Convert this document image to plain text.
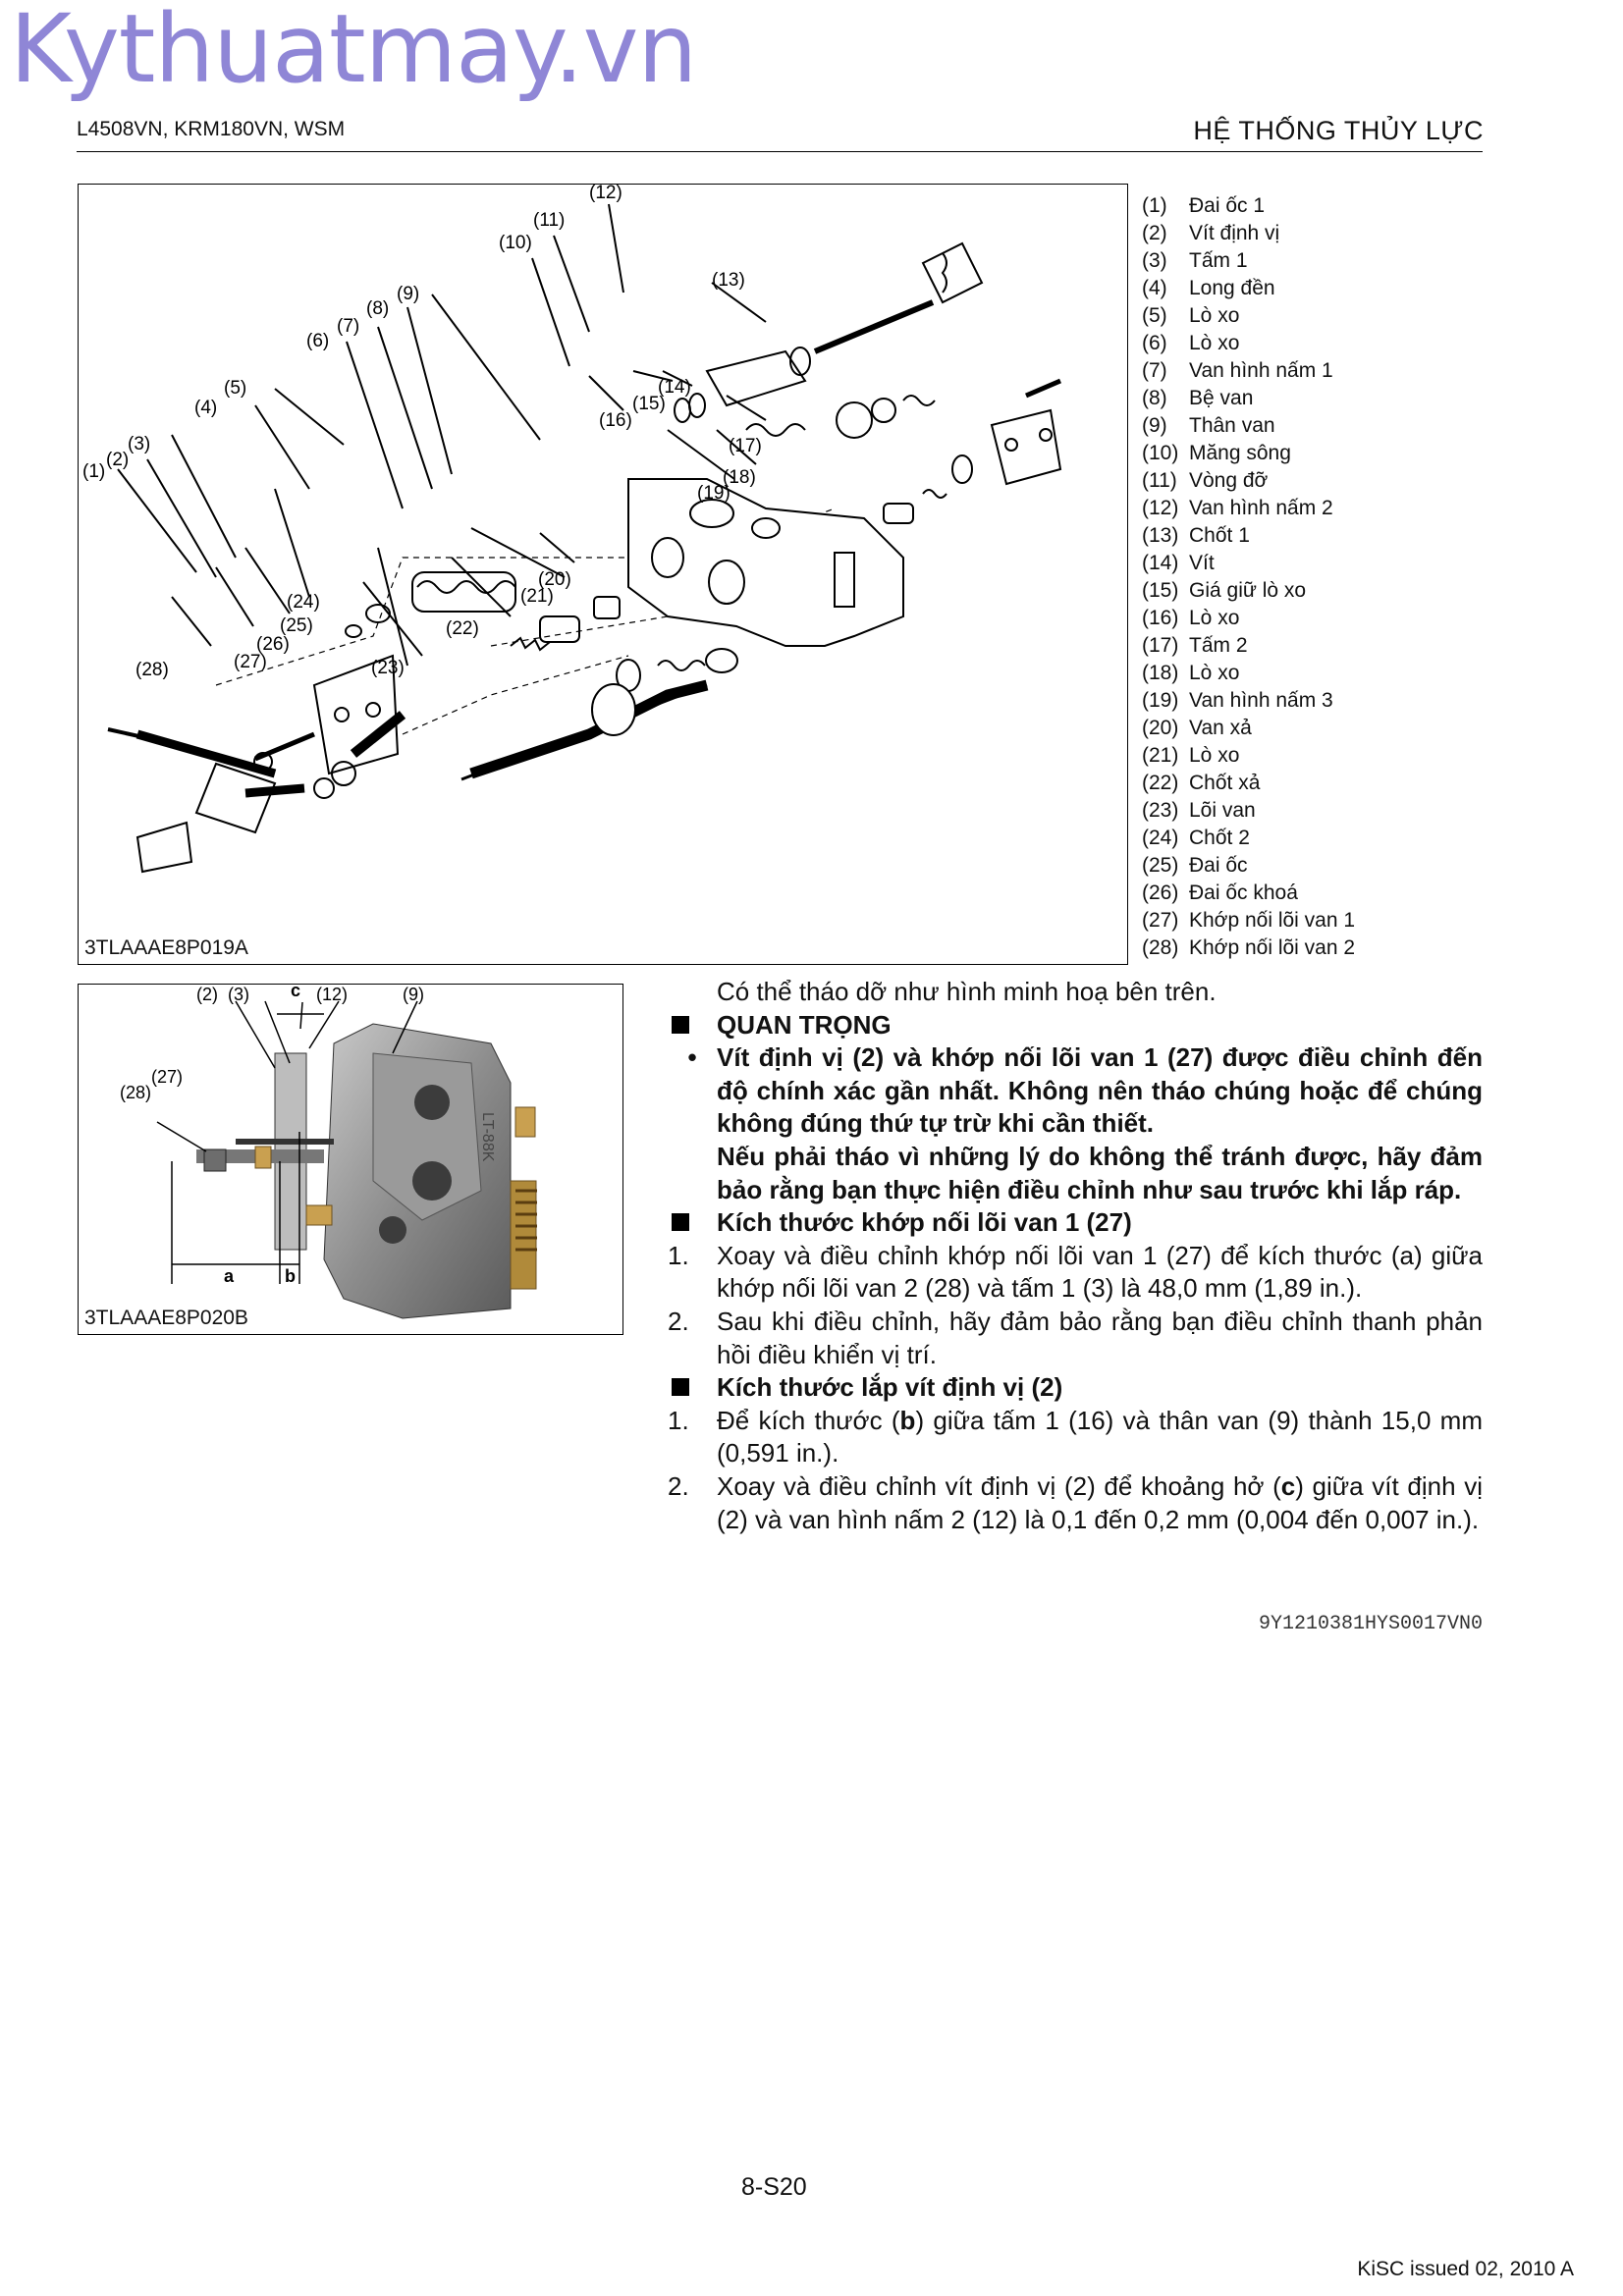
Kythuatmay.vn
L4508VN, KRM180VN, WSM	HỆ THỐNG THỦY LỰC
(1)
(2)
(3)
(4)
(5)
(6)
(7)
(8)
(9)
(10)
(11)
(12)
(13)
(14)
(15)
(16)
(17)
(18)
(19)
(20)
(21)
(22)
(23)
(24)
(25)
(26)
(27)
(28)
3TLAAAE8P019A
(1) Đai ốc 1
(2) Vít định vị
(3) Tấm 1
(4) Long đền
(5) Lò xo
(6) Lò xo
(7) Van hình nấm 1
(8) Bệ van
(9) Thân van
(10) Măng sông
(11) Vòng đỡ
(12) Van hình nấm 2
(13) Chốt 1
(14) Vít
(15) Giá giữ lò xo
(16) Lò xo
(17) Tấm 2
(18) Lò xo
(19) Van hình nấm 3
(20) Van xả
(21) Lò xo
(22) Chốt xả
(23) Lõi van
(24) Chốt 2
(25) Đai ốc
(26) Đai ốc khoá
(27) Khớp nối lõi van 1
(28) Khớp nối lõi van 2
LT-88K
(2) (3) c (12)	(9)
(28)
(27)
a	b
3TLAAAE8P020B
Có thể tháo dỡ như hình minh hoạ bên trên.
QUAN TRỌNG
• Vít định vị (2) và khớp nối lõi van 1 (27) được điều chỉnh đến độ chính xác gần nhất. Không nên tháo chúng hoặc để chúng không đúng thứ tự trừ khi cần thiết.
Nếu phải tháo vì những lý do không thể tránh được, hãy đảm bảo rằng bạn thực hiện điều chỉnh như sau trước khi lắp ráp.
Kích thước khớp nối lõi van 1 (27)
1.	Xoay và điều chỉnh khớp nối lõi van 1 (27) để kích thước (a) giữa khớp nối lõi van 2 (28) và tấm 1 (3) là 48,0 mm (1,89 in.).
2.	Sau khi điều chỉnh, hãy đảm bảo rằng bạn điều chỉnh thanh phản hồi điều khiển vị trí.
Kích thước lắp vít định vị (2)
1.	Để kích thước (b) giữa tấm 1 (16) và thân van (9) thành 15,0 mm (0,591 in.).
2.	Xoay và điều chỉnh vít định vị (2) để khoảng hở (c) giữa vít định vị (2) và van hình nấm 2 (12) là 0,1 đến 0,2 mm (0,004 đến 0,007 in.).
9Y1210381HYS0017VN0
8-S20
KiSC issued 02, 2010 A
